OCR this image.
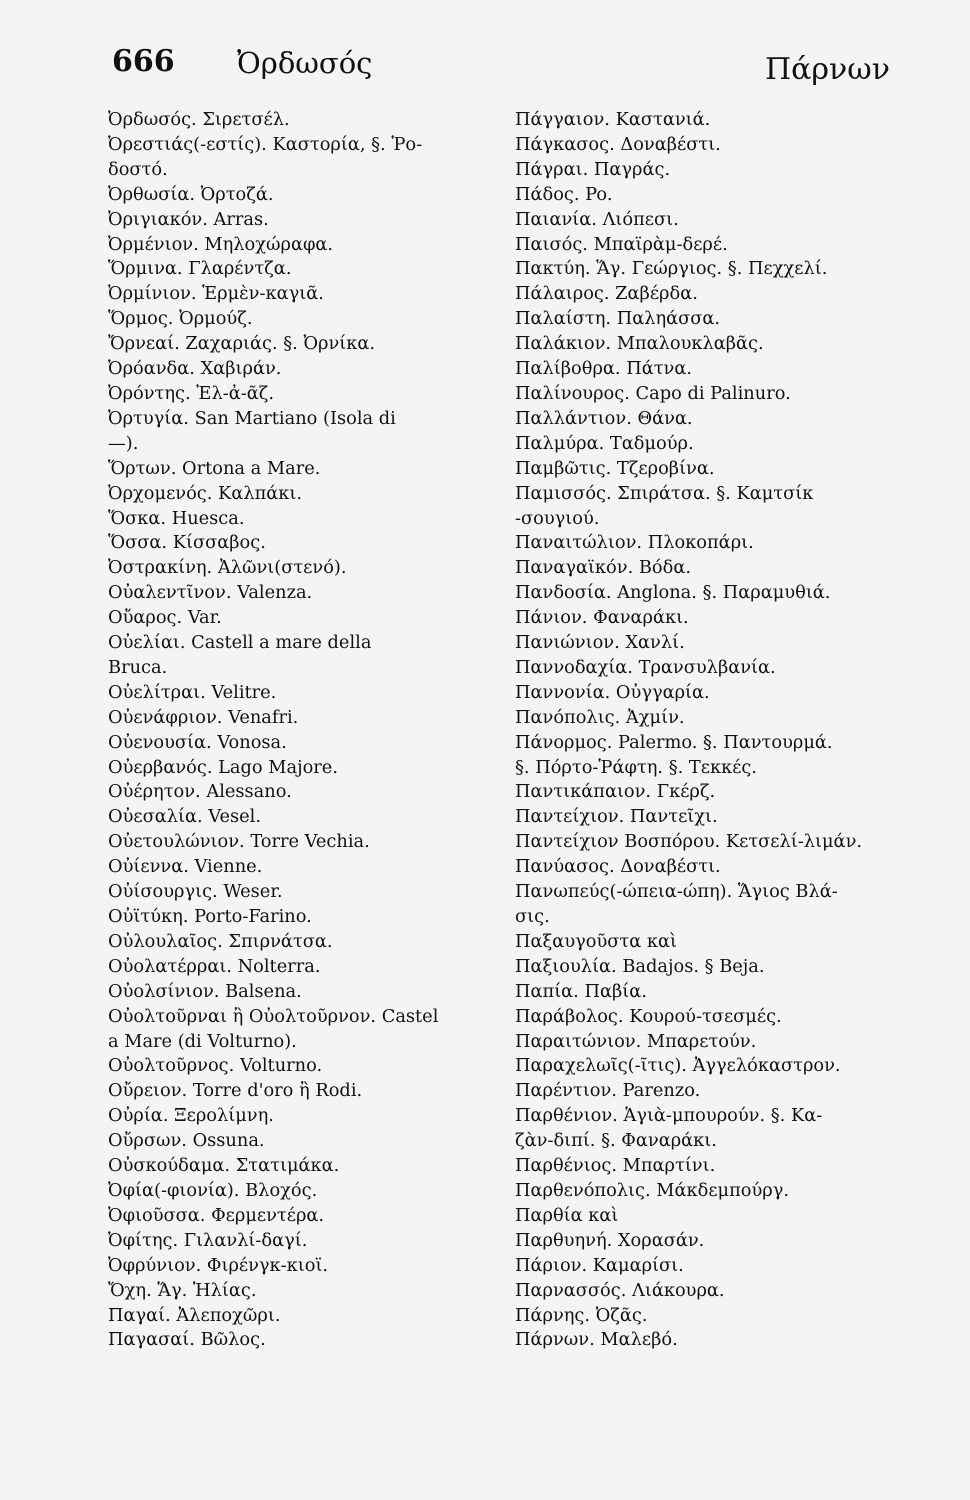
666 Ὀρδωσός	Πάρνων
Ὀρδωσός. Σιρετσέλ.
Ὀρεστιάς(-εστίς). Καστορία, §. Ῥο-
δοστό.
Ὀρθωσία. Ὀρτοζά.
Ὀριγιακόν. Arras.
Ὀρμένιον. Μηλοχώραφα.
Ὅρμινα. Γλαρέντζα.
Ὀρμίνιον. Ἑρμὲν-καγιᾶ.
Ὅρμος. Ὀρμούζ.
Ὄρνεαί. Ζαχαριάς. §. Ὀρνίκα.
Ὀρόανδα. Χαβιράν.
Ὀρόντης. Ἐλ-ἀ-ᾶζ.
Ὀρτυγία. San Martiano (Isola di
—).
Ὅρτων. Ortona a Mare.
Ὀρχομενός. Καλπάκι.
Ὅσκα. Huesca.
Ὅσσα. Κίσσαβος.
Ὀστρακίνη. Ἀλῶνι(στενό).
Οὐαλεντῖνον. Valenza.
Οὔαρος. Var.
Οὐελίαι. Castell a mare della
Bruca.
Οὐελίτραι. Velitre.
Οὐενάφριον. Venafri.
Οὐενουσία. Vonosa.
Οὐερβανός. Lago Majore.
Οὐέρητον. Alessano.
Οὐεσαλία. Vesel.
Οὐετουλώνιον. Torre Vechia.
Οὐίεννα. Vienne.
Οὐίσουργις. Weser.
Οὐϊτύκη. Porto-Farino.
Οὐλουλαῖος. Σπιρνάτσα.
Οὐολατέρραι. Nolterra.
Οὐολσίνιον. Balsena.
Οὐολτοῦρναι ἢ Οὐολτοῦρνον. Castel
a Mare (di Volturno).
Οὐολτοῦρνος. Volturno.
Οὔρειον. Torre d'oro ἢ Rodi.
Οὐρία. Ξερολίμνη.
Οὔρσων. Ossuna.
Οὐσκούδαμα. Στατιμάκα.
Ὀφία(-φιονία). Βλοχός.
Ὀφιοῦσσα. Φερμεντέρα.
Ὀφίτης. Γιλανλί-δαγί.
Ὀφρύνιον. Φιρένγκ-κιοϊ.
Ὄχη. Ἅγ. Ἠλίας.
Παγαί. Ἀλεποχῶρι.
Παγασαί. Βῶλος.
Πάγγαιον. Καστανιά.
Πάγκασος. Δοναβέστι.
Πάγραι. Παγράς.
Πάδος. Po.
Παιανία. Λιόπεσι.
Παισός. Μπαϊρὰμ-δερέ.
Πακτύη. Ἅγ. Γεώργιος. §. Πεχχελί.
Πάλαιρος. Ζαβέρδα.
Παλαίστη. Παληάσσα.
Παλάκιον. Μπαλουκλαβᾶς.
Παλίβοθρα. Πάτνα.
Παλίνουρος. Capo di Palinuro.
Παλλάντιον. Θάνα.
Παλμύρα. Ταδμούρ.
Παμβῶτις. Τζεροβίνα.
Παμισσός. Σπιράτσα. §. Καμτσίκ
-σουγιού.
Παναιτώλιον. Πλοκοπάρι.
Παναγαϊκόν. Βόδα.
Πανδοσία. Anglona. §. Παραμυθιά.
Πάνιον. Φαναράκι.
Πανιώνιον. Χανλί.
Παννοδαχία. Τρανσυλβανία.
Παννονία. Οὐγγαρία.
Πανόπολις. Ἀχμίν.
Πάνορμος. Palermo. §. Παντουρμά.
§. Πόρτο-Ῥάφτη. §. Τεκκές.
Παντικάπαιον. Γκέρζ.
Παντείχιον. Παντεῖχι.
Παντείχιον Βοσπόρου. Κετσελί-λιμάν.
Πανύασος. Δοναβέστι.
Πανωπεύς(-ώπεια-ώπη). Ἅγιος Βλά-
σις.
Παξαυγοῦστα καὶ
Παξιουλία. Badajos. § Beja.
Παπία. Παβία.
Παράβολος. Κουρού-τσεσμές.
Παραιτώνιον. Μπαρετούν.
Παραχελωῖς(-ῖτις). Ἀγγελόκαστρον.
Παρέντιον. Parenzo.
Παρθένιον. Ἁγιὰ-μπουρούν. §. Κα-
ζὰν-διπί. §. Φαναράκι.
Παρθένιος. Μπαρτίνι.
Παρθενόπολις. Μάκδεμπούργ.
Παρθία καὶ
Παρθυηνή. Χορασάν.
Πάριον. Καμαρίσι.
Παρνασσός. Λιάκουρα.
Πάρνης. Ὀζᾶς.
Πάρνων. Μαλεβό.
